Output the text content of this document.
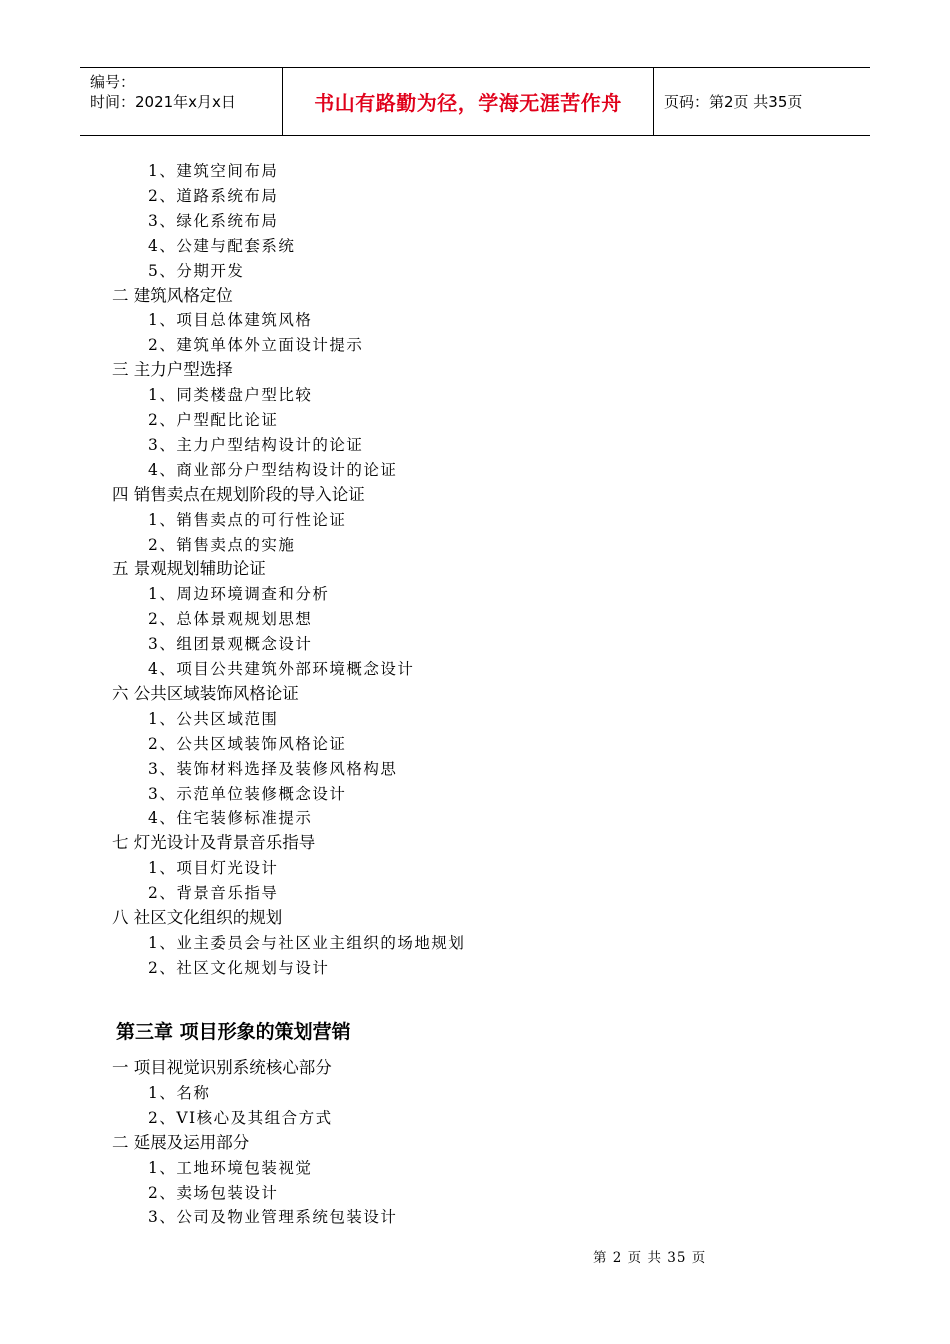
编号：
时间：2021年x月x日	书山有路勤为径，学海无涯苦作舟	页码：第2页 共35页
1、建筑空间布局
2、道路系统布局
3、绿化系统布局
4、公建与配套系统
5、分期开发
二 建筑风格定位
1、项目总体建筑风格
2、建筑单体外立面设计提示
三 主力户型选择
1、同类楼盘户型比较
2、户型配比论证
3、主力户型结构设计的论证
4、商业部分户型结构设计的论证
四 销售卖点在规划阶段的导入论证
1、销售卖点的可行性论证
2、销售卖点的实施
五 景观规划辅助论证
1、周边环境调查和分析
2、总体景观规划思想
3、组团景观概念设计
4、项目公共建筑外部环境概念设计
六 公共区域装饰风格论证
1、公共区域范围
2、公共区域装饰风格论证
3、装饰材料选择及装修风格构思
3、示范单位装修概念设计
4、住宅装修标准提示
七 灯光设计及背景音乐指导
1、项目灯光设计
2、背景音乐指导
八 社区文化组织的规划
1、业主委员会与社区业主组织的场地规划
2、社区文化规划与设计
第三章 项目形象的策划营销
一 项目视觉识别系统核心部分
1、名称
2、VI核心及其组合方式
二 延展及运用部分
1、工地环境包装视觉
2、卖场包装设计
3、公司及物业管理系统包装设计
第 2 页 共 35 页
